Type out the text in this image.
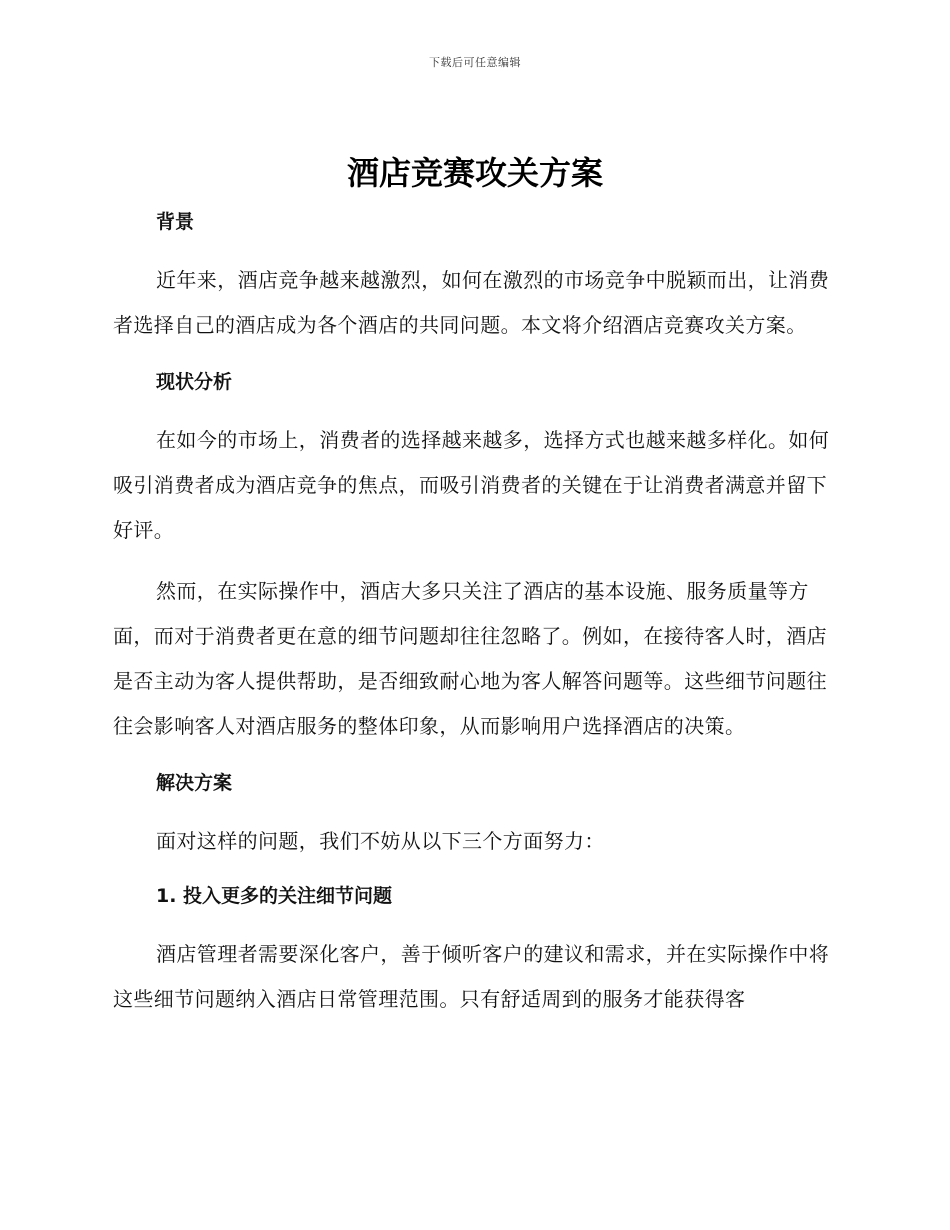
下载后可任意编辑
酒店竞赛攻关方案
背景

近年来，酒店竞争越来越激烈，如何在激烈的市场竞争中脱颖而出，让消费者选择自己的酒店成为各个酒店的共同问题。本文将介绍酒店竞赛攻关方案。

现状分析

在如今的市场上，消费者的选择越来越多，选择方式也越来越多样化。如何吸引消费者成为酒店竞争的焦点，而吸引消费者的关键在于让消费者满意并留下好评。

然而，在实际操作中，酒店大多只关注了酒店的基本设施、服务质量等方面，而对于消费者更在意的细节问题却往往忽略了。例如，在接待客人时，酒店是否主动为客人提供帮助，是否细致耐心地为客人解答问题等。这些细节问题往往会影响客人对酒店服务的整体印象，从而影响用户选择酒店的决策。

解决方案

面对这样的问题，我们不妨从以下三个方面努力：

1. 投入更多的关注细节问题

酒店管理者需要深化客户，善于倾听客户的建议和需求，并在实际操作中将这些细节问题纳入酒店日常管理范围。只有舒适周到的服务才能获得客
